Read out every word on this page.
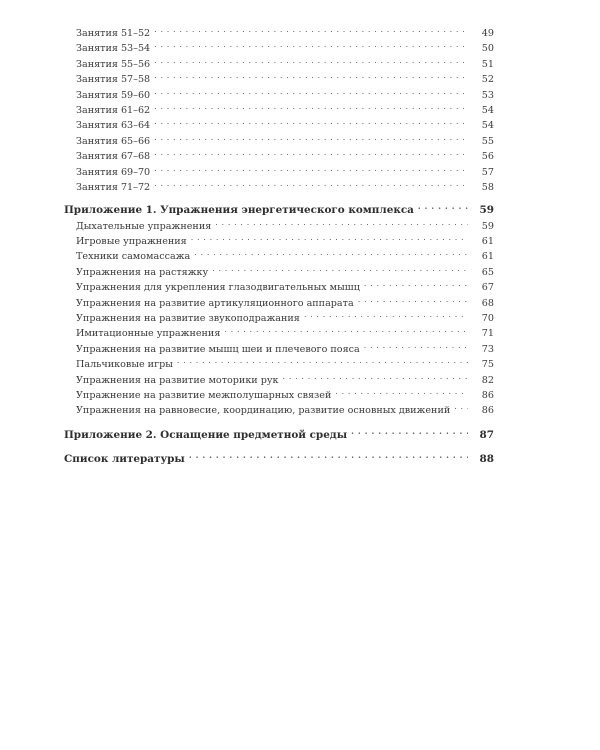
Занятия 51–52 . . .	49
Занятия 53–54 . . .	50
Занятия 55–56 . . .	51
Занятия 57–58 . . .	52
Занятия 59–60 . . .	53
Занятия 61–62 . . .	54
Занятия 63–64 . . .	54
Занятия 65–66 . . .	55
Занятия 67–68 . . .	56
Занятия 69–70 . . .	57
Занятия 71–72 . . .	58
Приложение 1. Упражнения энергетического комплекса . . .	59
Дыхательные упражнения . . .	59
Игровые упражнения . . .	61
Техники самомассажа . . .	61
Упражнения на растяжку . . .	65
Упражнения для укрепления глазодвигательных мышц . . .	67
Упражнения на развитие артикуляционного аппарата . . .	68
Упражнения на развитие звукоподражания . . .	70
Имитационные упражнения . . .	71
Упражнения на развитие мышц шеи и плечевого пояса . . .	73
Пальчиковые игры . . .	75
Упражнения на развитие моторики рук . . .	82
Упражнение на развитие межполушарных связей . . .	86
Упражнения на равновесие, координацию, развитие основных движений . . .	86
Приложение 2. Оснащение предметной среды . . .	87
Список литературы . . .	88
